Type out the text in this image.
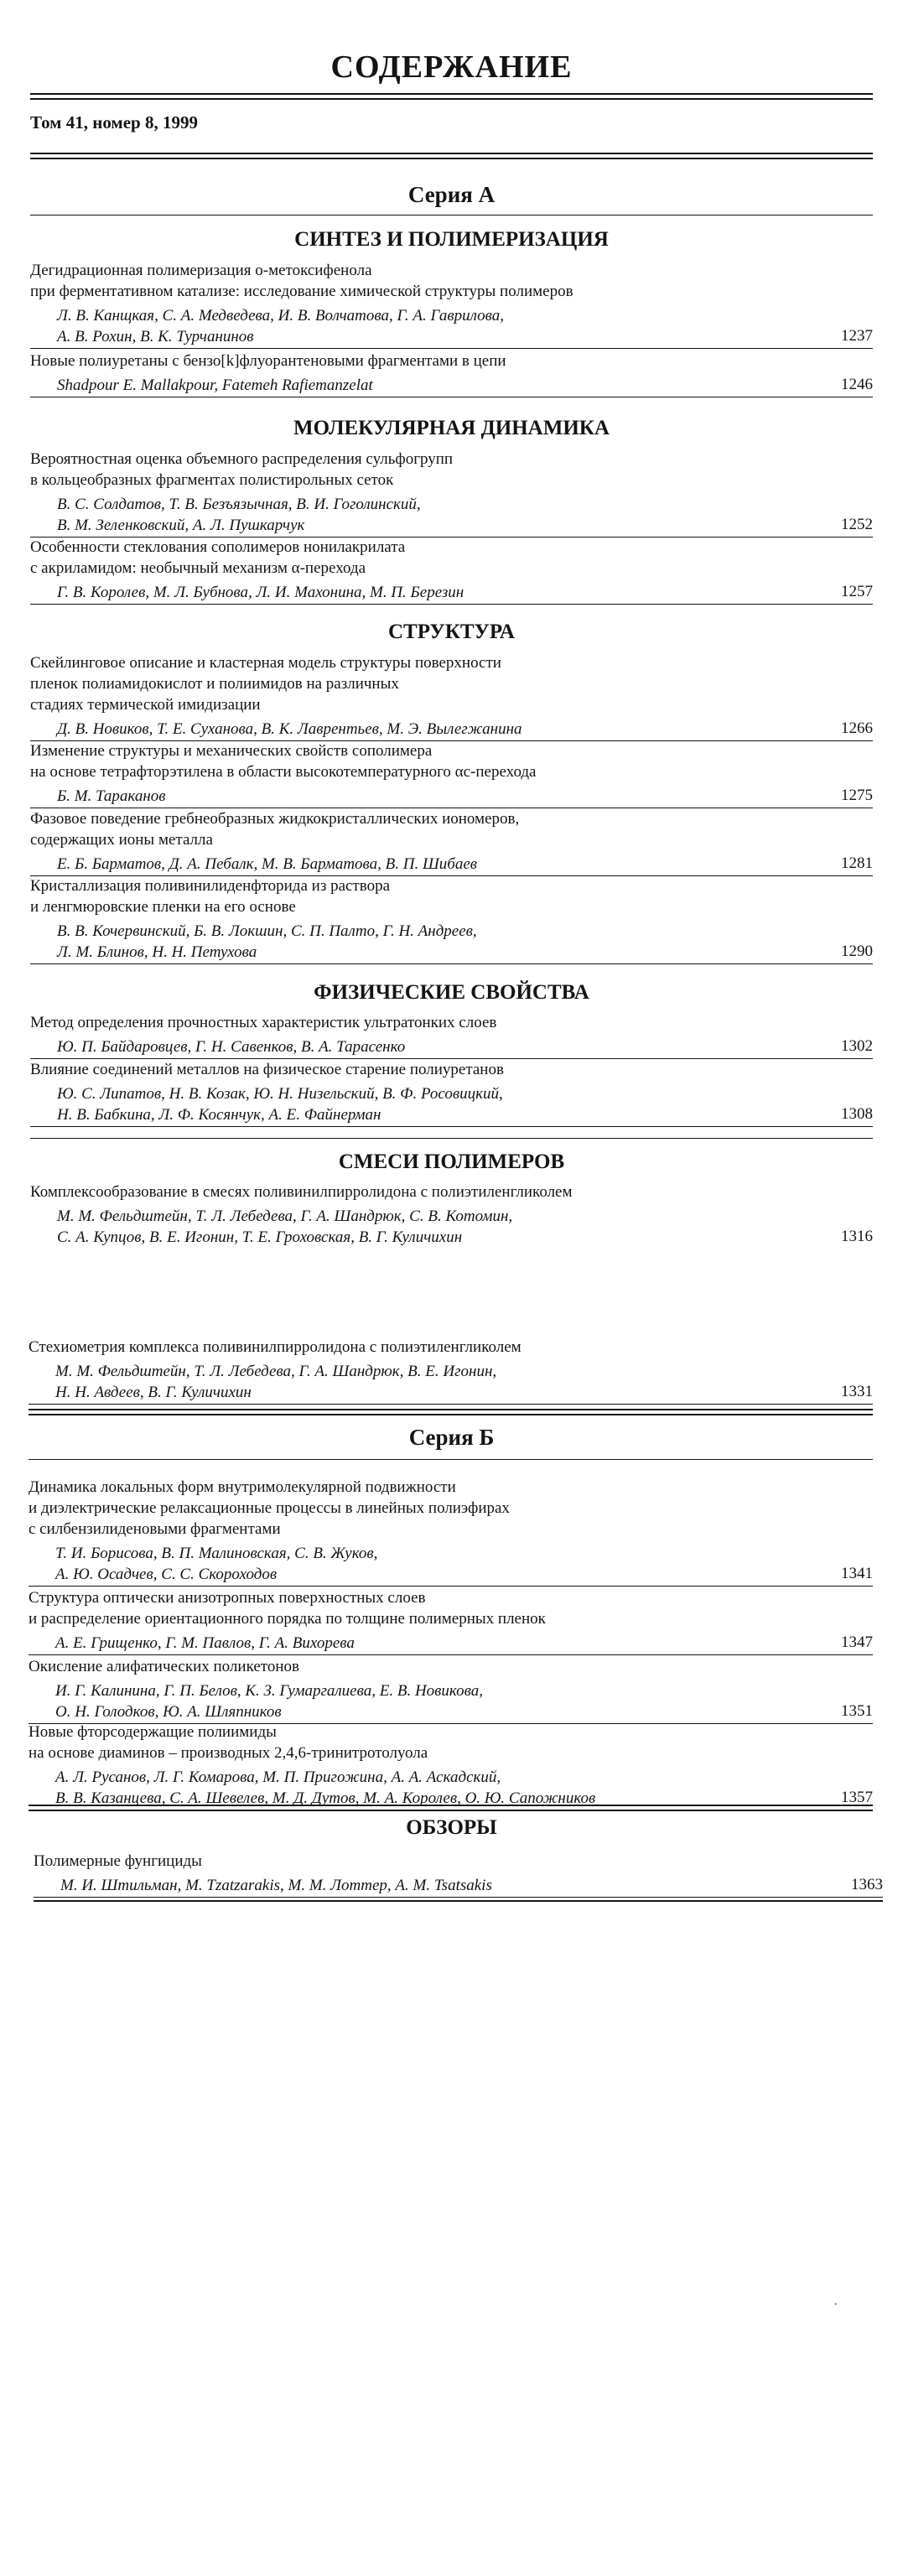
СОДЕРЖАНИЕ
Том 41, номер 8, 1999
Серия А
СИНТЕЗ И ПОЛИМЕРИЗАЦИЯ
Дегидрационная полимеризация о-метоксифенола
при ферментативном катализе: исследование химической структуры полимеров
Л. В. Канщкая, С. А. Медведева, И. В. Волчатова, Г. А. Гаврилова,
А. В. Рохин, В. К. Турчанинов	1237
Новые полиуретаны с бензо[k]флуорантеновыми фрагментами в цепи
Shadpour E. Mallakpour, Fatemeh Rafiemanzelat	1246
МОЛЕКУЛЯРНАЯ ДИНАМИКА
Вероятностная оценка объемного распределения сульфогрупп
в кольцеобразных фрагментах полистирольных сеток
В. С. Солдатов, Т. В. Безъязычная, В. И. Гоголинский,
В. М. Зеленковский, А. Л. Пушкарчук	1252
Особенности стеклования сополимеров нонилакрилата
с акриламидом: необычный механизм α-перехода
Г. В. Королев, М. Л. Бубнова, Л. И. Махонина, М. П. Березин	1257
СТРУКТУРА
Скейлинговое описание и кластерная модель структуры поверхности
пленок полиамидокислот и полиимидов на различных
стадиях термической имидизации
Д. В. Новиков, Т. Е. Суханова, В. К. Лаврентьев, М. Э. Вылегжанина	1266
Изменение структуры и механических свойств сополимера
на основе тетрафторэтилена в области высокотемпературного αс-перехода
Б. М. Тараканов	1275
Фазовое поведение гребнеобразных жидкокристаллических иономеров,
содержащих ионы металла
Е. Б. Барматов, Д. А. Пебалк, М. В. Барматова, В. П. Шибаев	1281
Кристаллизация поливинилиденфторида из раствора
и ленгмюровские пленки на его основе
В. В. Кочервинский, Б. В. Локшин, С. П. Палто, Г. Н. Андреев,
Л. М. Блинов, Н. Н. Петухова	1290
ФИЗИЧЕСКИЕ СВОЙСТВА
Метод определения прочностных характеристик ультратонких слоев
Ю. П. Байдаровцев, Г. Н. Савенков, В. А. Тарасенко	1302
Влияние соединений металлов на физическое старение полиуретанов
Ю. С. Липатов, Н. В. Козак, Ю. Н. Низельский, В. Ф. Росовицкий,
Н. В. Бабкина, Л. Ф. Косянчук, А. Е. Файнерман	1308
СМЕСИ ПОЛИМЕРОВ
Комплексообразование в смесях поливинилпирролидона с полиэтиленгликолем
М. М. Фельдштейн, Т. Л. Лебедева, Г. А. Шандрюк, С. В. Котомин,
С. А. Купцов, В. Е. Игонин, Т. Е. Гроховская, В. Г. Куличихин	1316
Стехиометрия комплекса поливинилпирролидона с полиэтиленгликолем
М. М. Фельдштейн, Т. Л. Лебедева, Г. А. Шандрюк, В. Е. Игонин,
Н. Н. Авдеев, В. Г. Куличихин	1331
Серия Б
Динамика локальных форм внутримолекулярной подвижности
и диэлектрические релаксационные процессы в линейных полиэфирах
с силбензилиденовыми фрагментами
Т. И. Борисова, В. П. Малиновская, С. В. Жуков,
А. Ю. Осадчев, С. С. Скороходов	1341
Структура оптически анизотропных поверхностных слоев
и распределение ориентационного порядка по толщине полимерных пленок
А. Е. Грищенко, Г. М. Павлов, Г. А. Вихорева	1347
Окисление алифатических поликетонов
И. Г. Калинина, Г. П. Белов, К. З. Гумаргалиева, Е. В. Новикова,
О. Н. Голодков, Ю. А. Шляпников	1351
Новые фторсодержащие полиимиды
на основе диаминов – производных 2,4,6-тринитротолуола
А. Л. Русанов, Л. Г. Комарова, М. П. Пригожина, А. А. Аскадский,
В. В. Казанцева, С. А. Шевелев, М. Д. Дутов, М. А. Королев, О. Ю. Сапожников	1357
ОБЗОРЫ
Полимерные фунгициды
М. И. Штильман, M. Tzatzarakis, М. М. Лоттер, A. M. Tsatsakis	1363
·
